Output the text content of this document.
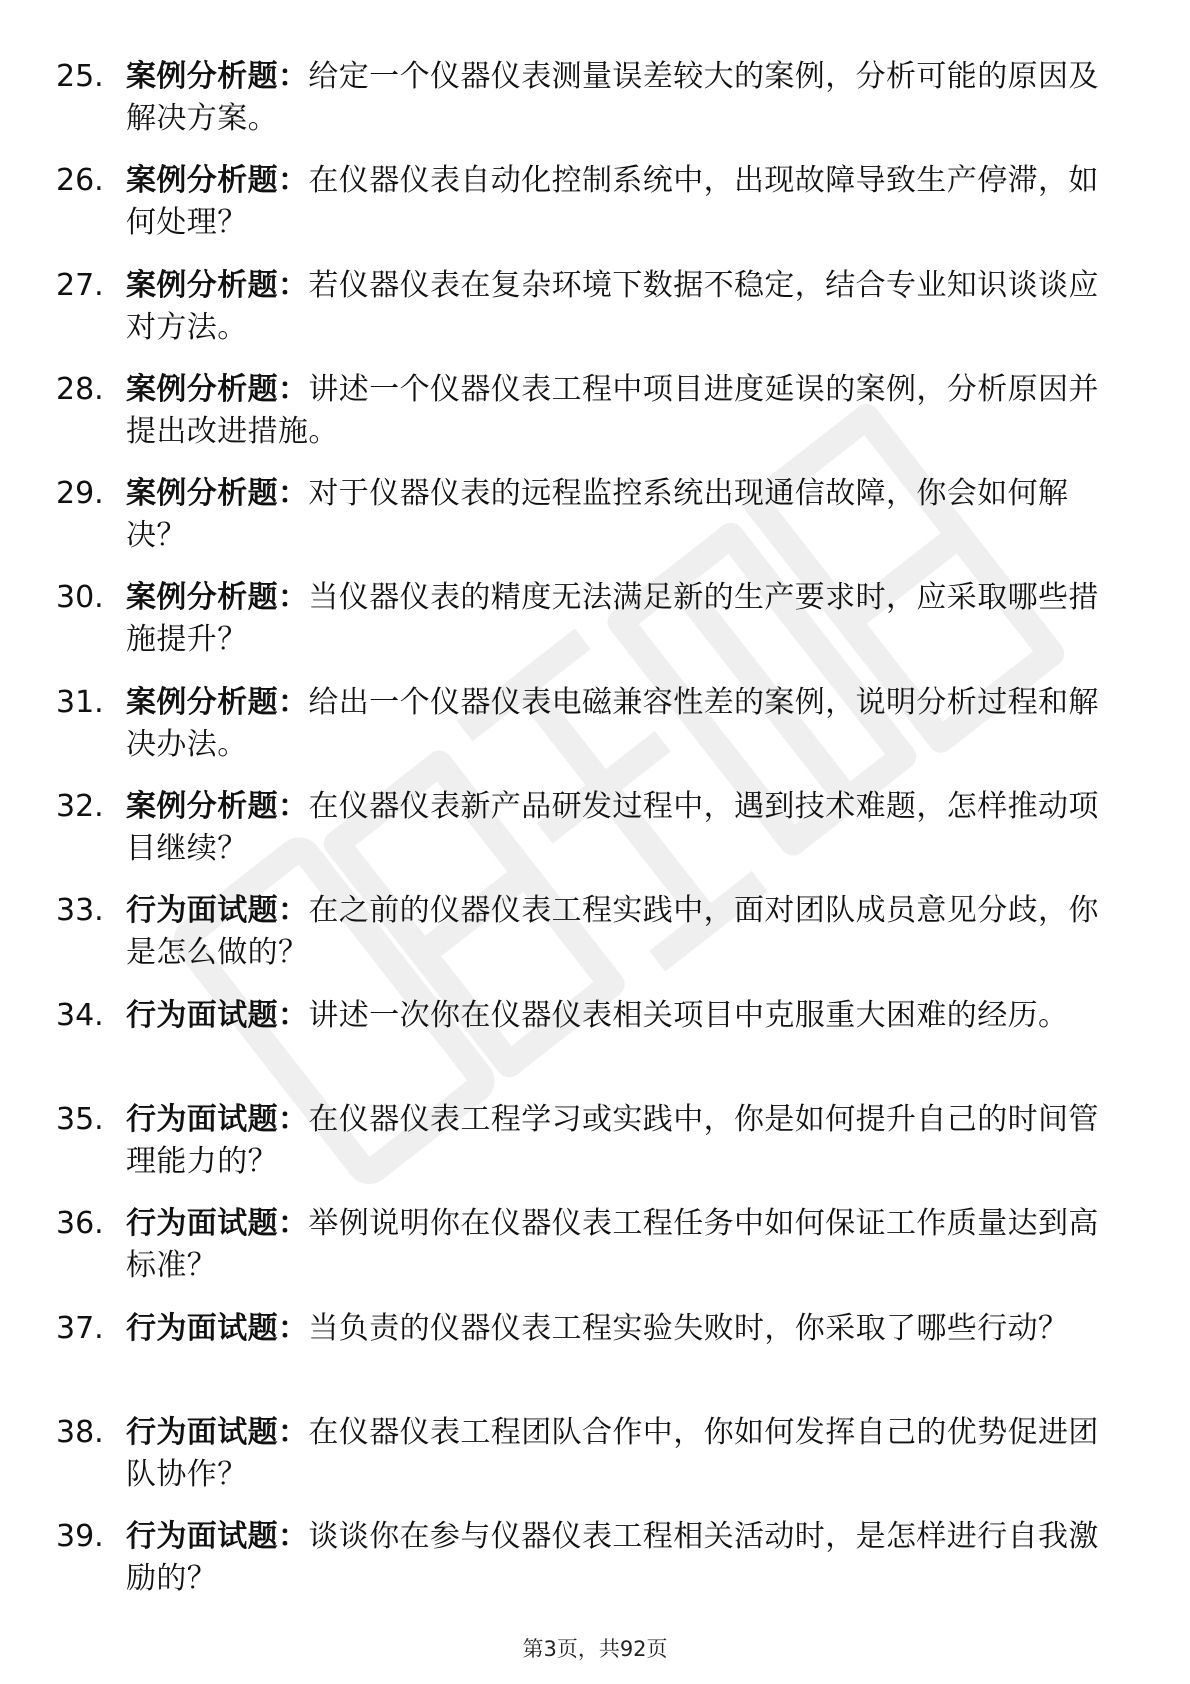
25. 案例分析题：给定一个仪器仪表测量误差较大的案例，分析可能的原因及解决方案。
26. 案例分析题：在仪器仪表自动化控制系统中，出现故障导致生产停滞，如何处理？
27. 案例分析题：若仪器仪表在复杂环境下数据不稳定，结合专业知识谈谈应对方法。
28. 案例分析题：讲述一个仪器仪表工程中项目进度延误的案例，分析原因并提出改进措施。
29. 案例分析题：对于仪器仪表的远程监控系统出现通信故障，你会如何解决？
30. 案例分析题：当仪器仪表的精度无法满足新的生产要求时，应采取哪些措施提升？
31. 案例分析题：给出一个仪器仪表电磁兼容性差的案例，说明分析过程和解决办法。
32. 案例分析题：在仪器仪表新产品研发过程中，遇到技术难题，怎样推动项目继续？
33. 行为面试题：在之前的仪器仪表工程实践中，面对团队成员意见分歧，你是怎么做的？
34. 行为面试题：讲述一次你在仪器仪表相关项目中克服重大困难的经历。
35. 行为面试题：在仪器仪表工程学习或实践中，你是如何提升自己的时间管理能力的？
36. 行为面试题：举例说明你在仪器仪表工程任务中如何保证工作质量达到高标准？
37. 行为面试题：当负责的仪器仪表工程实验失败时，你采取了哪些行动？
38. 行为面试题：在仪器仪表工程团队合作中，你如何发挥自己的优势促进团队协作？
39. 行为面试题：谈谈你在参与仪器仪表工程相关活动时，是怎样进行自我激励的？
第3页，共92页
